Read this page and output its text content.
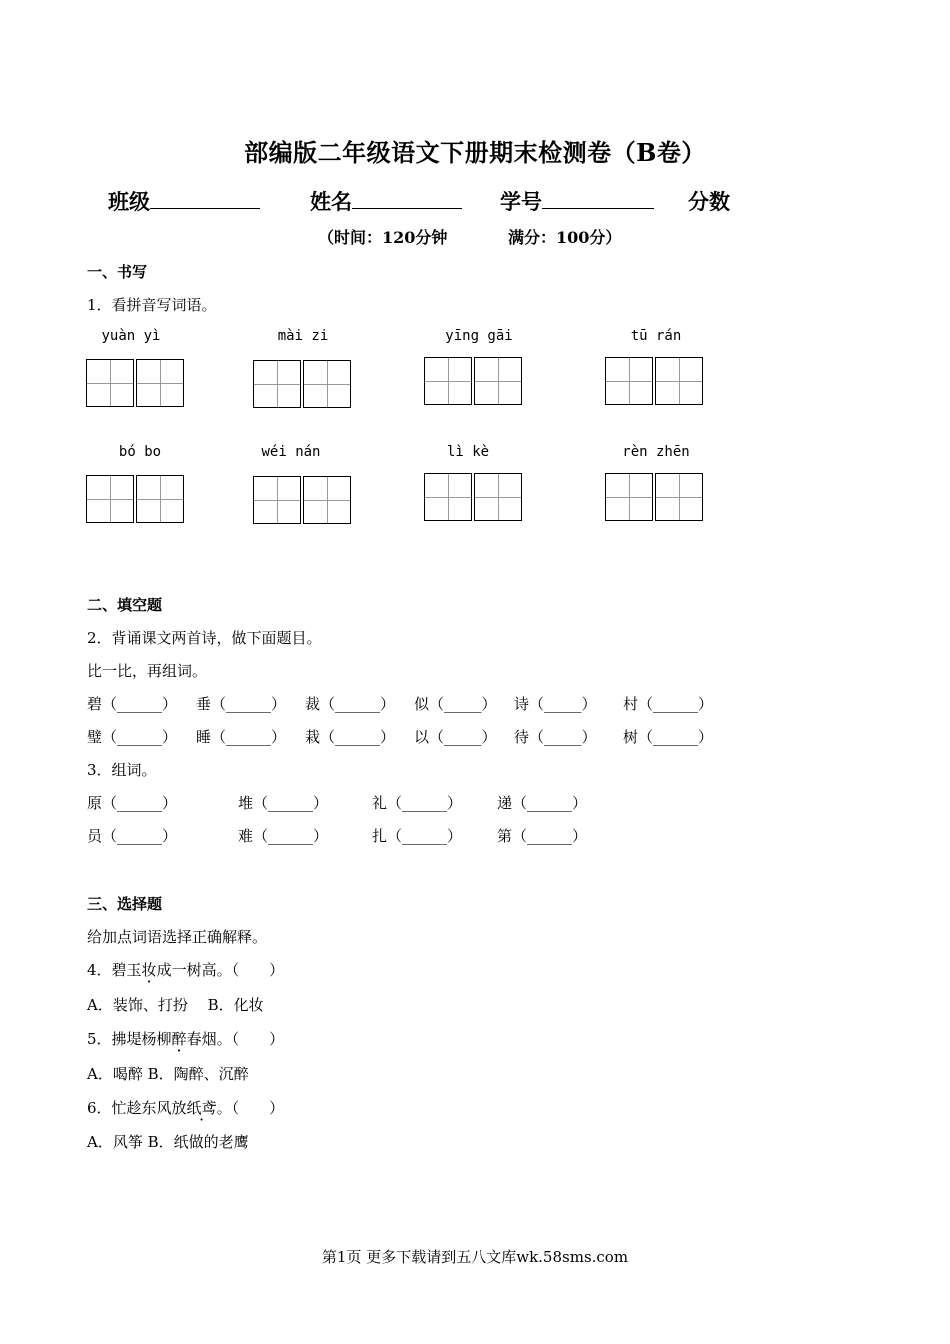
部编版二年级语文下册期末检测卷（B卷）
班级	姓名	学号	分数
（时间：120分钟	满分：100分）
一、书写
1．看拼音写词语。
yuàn yì	mài zi	yīng gāi	tū rán
bó bo	wéi nán	lì kè	rèn zhēn
二、填空题
2．背诵课文两首诗，做下面题目。
比一比，再组词。
碧（______） 垂（______） 裁（______） 似（_____） 诗（_____） 村（______）
璧（______） 睡（______） 栽（______） 以（_____） 待（_____） 树（______）
3．组词。
原（______）	堆（______）	礼（______） 递（______）
员（______）	难（______）	扎（______） 第（______）
三、选择题
给加点词语选择正确解释。
4．碧玉妆成一树高。（　　）
A．装饰、打扮　 B．化妆
5．拂堤杨柳醉春烟。（　　）
A．喝醉 B．陶醉、沉醉
6．忙趁东风放纸鸢。（　　）
A．风筝 B．纸做的老鹰
第1页 更多下载请到五八文库wk.58sms.com
